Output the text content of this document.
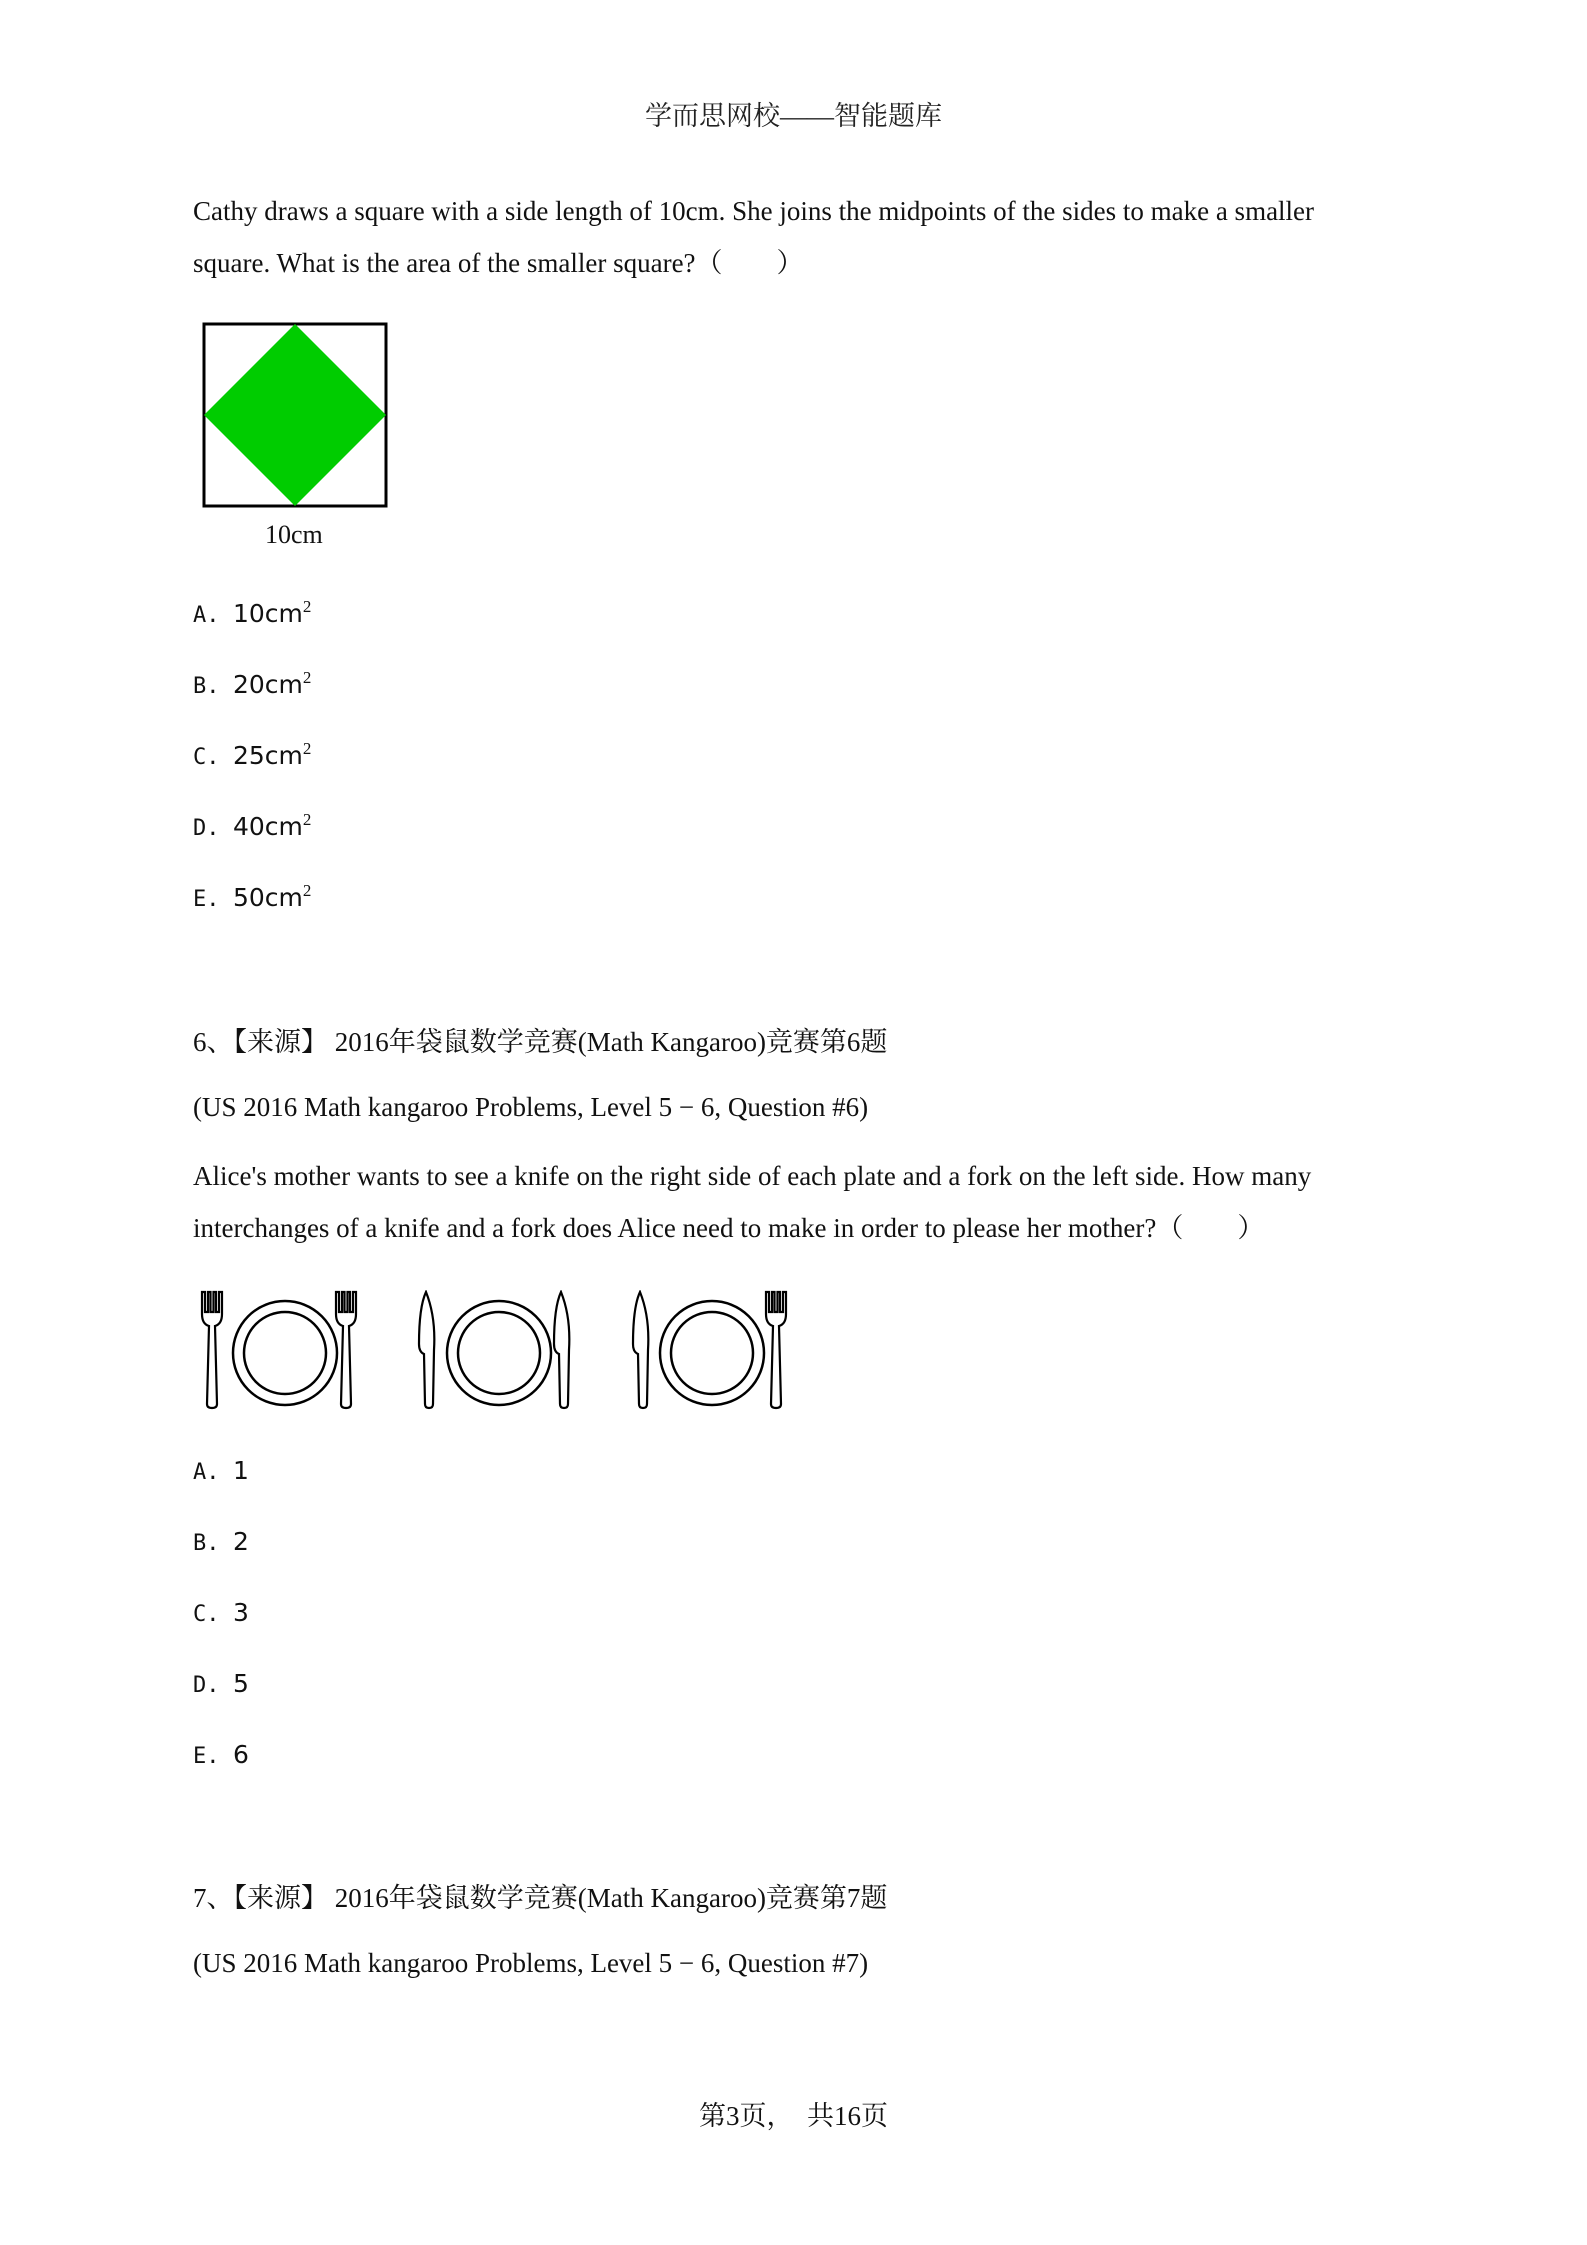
学而思网校——智能题库

Cathy draws a square with a side length of 10cm. She joins the midpoints of the sides to make a smaller

square. What is the area of the smaller square?（　　）

10cm
A. $10cm^2$
B. $20cm^2$
C. $25cm^2$
D. $40cm^2$
E. $50cm^2$
6、【来源】 2016年袋鼠数学竞赛(Math Kangaroo)竞赛第6题
(US 2016 Math kangaroo Problems, Level 5 − 6, Question #6)

Alice's mother wants to see a knife on the right side of each plate and a fork on the left side. How many

interchanges of a knife and a fork does Alice need to make in order to please her mother?（　　）

A. 1
B. 2
C. 3
D. 5
E. 6
7、【来源】 2016年袋鼠数学竞赛(Math Kangaroo)竞赛第7题
(US 2016 Math kangaroo Problems, Level 5 − 6, Question #7)
第3页，　共16页
